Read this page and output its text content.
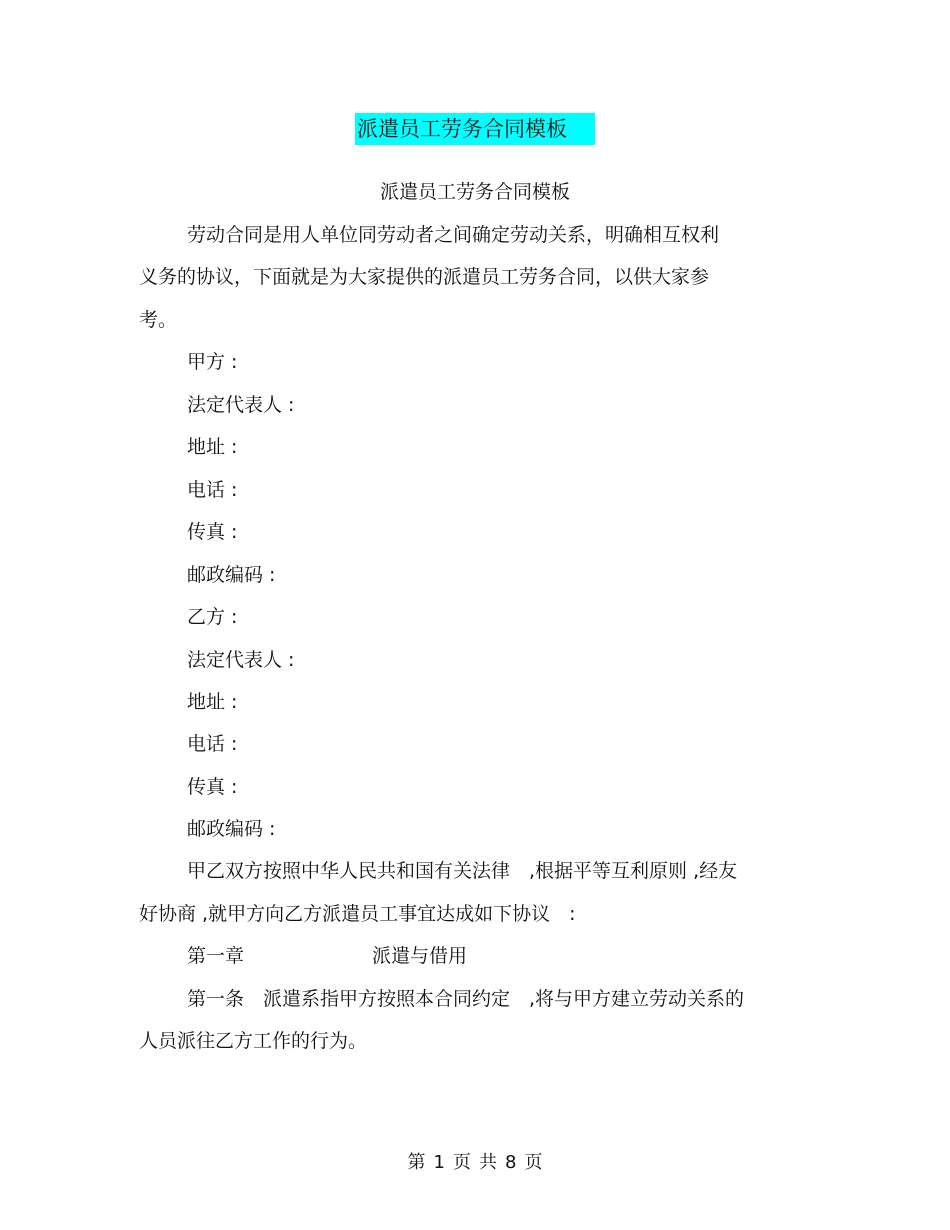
派遣员工劳务合同模板
派遣员工劳务合同模板
劳动合同是用人单位同劳动者之间确定劳动关系，明确相互权利
义务的协议，下面就是为大家提供的派遣员工劳务合同，以供大家参
考。
甲方 :
法定代表人 :
地址 :
电话 :
传真 :
邮政编码 :
乙方 :
法定代表人 :
地址 :
电话 :
传真 :
邮政编码 :
甲乙双方按照中华人民共和国有关法律　,根据平等互利原则 ,经友
好协商 ,就甲方向乙方派遣员工事宜达成如下协议　:
第一章	派遣与借用
第一条　派遣系指甲方按照本合同约定　,将与甲方建立劳动关系的
人员派往乙方工作的行为。
第 1 页 共 8 页
